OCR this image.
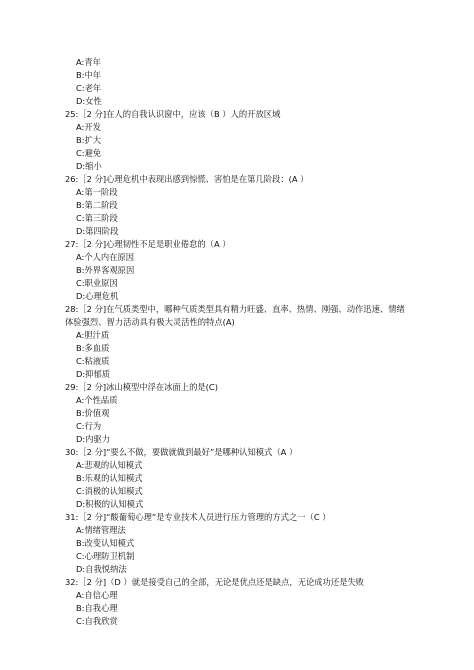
A:青年
B:中年
C:老年
D:女性
25:［2 分]在人的自我认识窗中，应该（B ）人的开放区域
A:开发
B:扩大
C:避免
D:缩小
26:［2 分]心理危机中表现出感到惊慌、害怕是在第几阶段：(A ）
A:第一阶段
B:第二阶段
C:第三阶段
D:第四阶段
27:［2 分]心理韧性不足是职业倦怠的（A ）
A:个人内在原因
B:外界客观原因
C:职业原因
D:心理危机
28:［2 分]在气质类型中，哪种气质类型具有精力旺盛、直率、热情、刚强、动作迅速、情绪体验强烈、智力活动具有极大灵活性的特点(A)
A:胆汁质
B:多血质
C:粘液质
D:抑郁质
29:［2 分]冰山模型中浮在冰面上的是(C)
A:个性品质
B:价值观
C:行为
D:内驱力
30:［2 分]“要么不做，要做就做到最好”是哪种认知模式（A ）
A:悲观的认知模式
B:乐观的认知模式
C:消极的认知模式
D:积极的认知模式
31:［2 分]“酸葡萄心理”是专业技术人员进行压力管理的方式之一（C ）
A:情绪管理法
B:改变认知模式
C:心理防卫机制
D:自我悦纳法
32:［2 分]（D ）就是接受自己的全部，无论是优点还是缺点，无论成功还是失败
A:自信心理
B:自我心理
C:自我欣赏
